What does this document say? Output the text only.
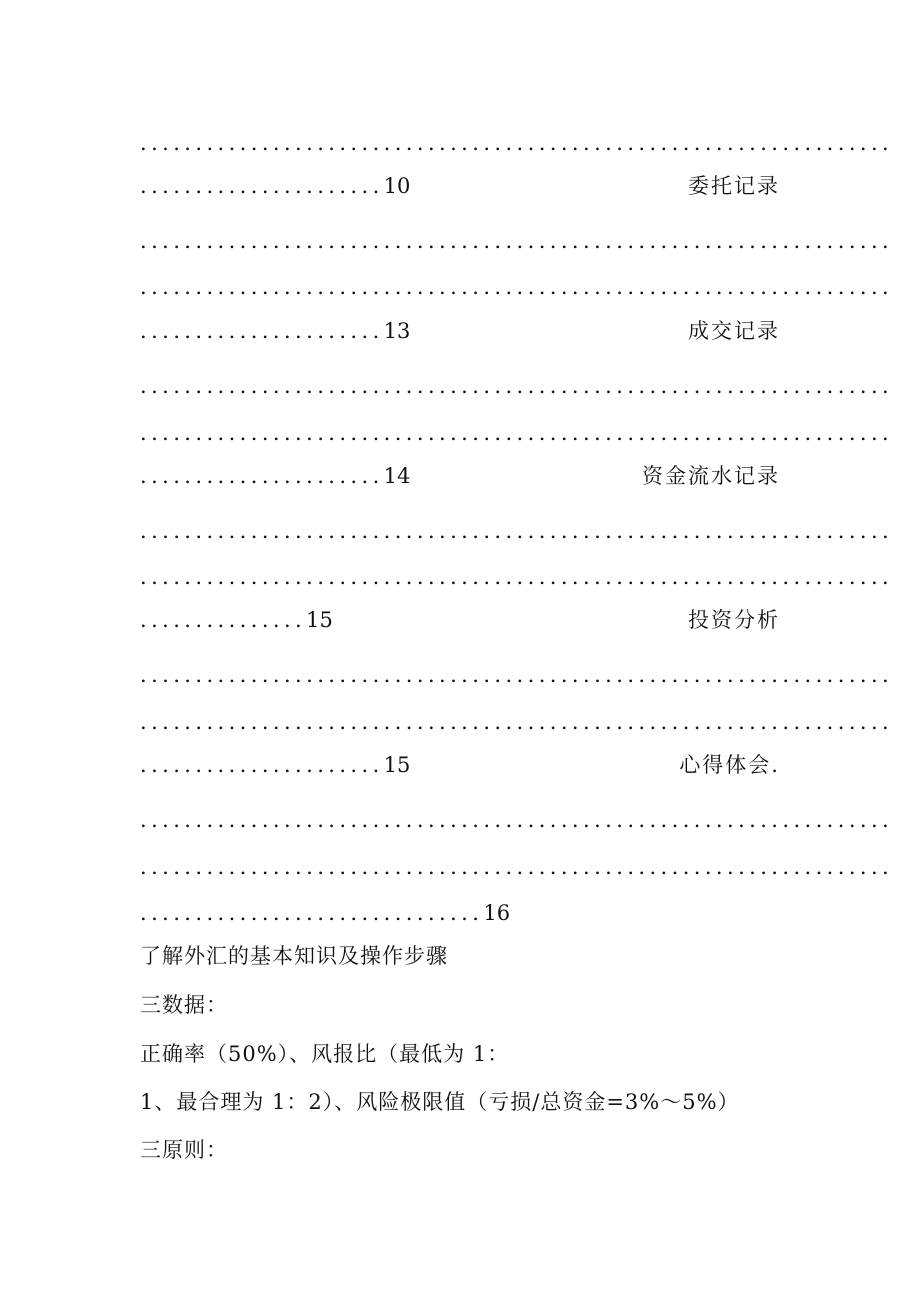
....................................................................
......................10	委托记录
....................................................................
....................................................................
......................13	成交记录
....................................................................
....................................................................
......................14	资金流水记录
....................................................................
....................................................................
...............15	投资分析
....................................................................
....................................................................
......................15	心得体会.
....................................................................
....................................................................
...............................16
了解外汇的基本知识及操作步骤
三数据：
正确率（50%）、风报比（最低为 1：
1、最合理为 1：2）、风险极限值（亏损/总资金=3%～5%）
三原则：
